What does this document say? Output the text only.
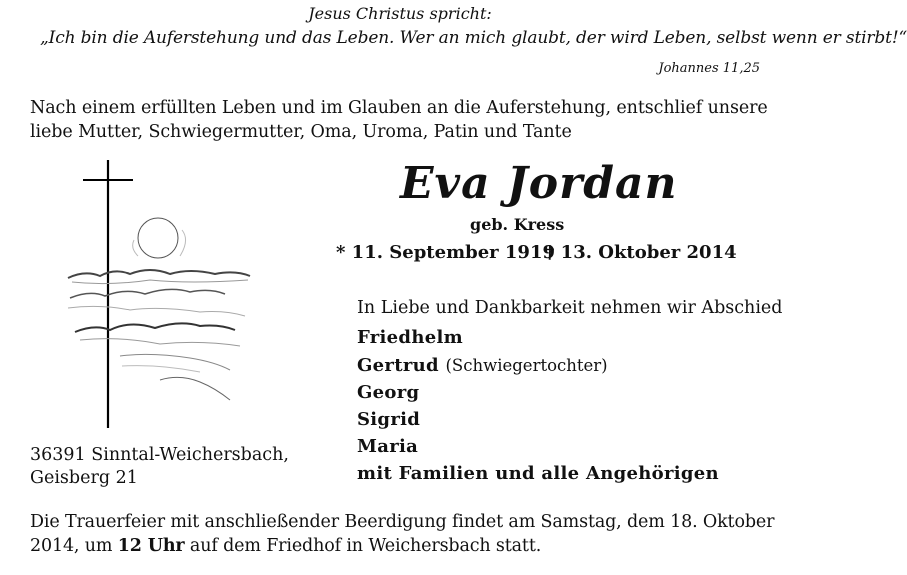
Jesus Christus spricht:
„Ich bin die Auferstehung und das Leben. Wer an mich glaubt, der wird Leben, selbst wenn er stirbt!“
Johannes 11,25
Nach einem erfüllten Leben und im Glauben an die Auferstehung, entschlief unsere liebe Mutter, Schwiegermutter, Oma, Uroma, Patin und Tante
Eva Jordan
geb. Kress
* 11. September 1919
† 13. Oktober 2014
In Liebe und Dankbarkeit nehmen wir Abschied
Friedhelm
Gertrud (Schwiegertochter)
Georg
Sigrid
Maria
mit Familien und alle Angehörigen
36391 Sinntal-Weichersbach,
Geisberg 21
Die Trauerfeier mit anschließender Beerdigung findet am Samstag, dem 18. Oktober 2014, um 12 Uhr auf dem Friedhof in Weichersbach statt.
